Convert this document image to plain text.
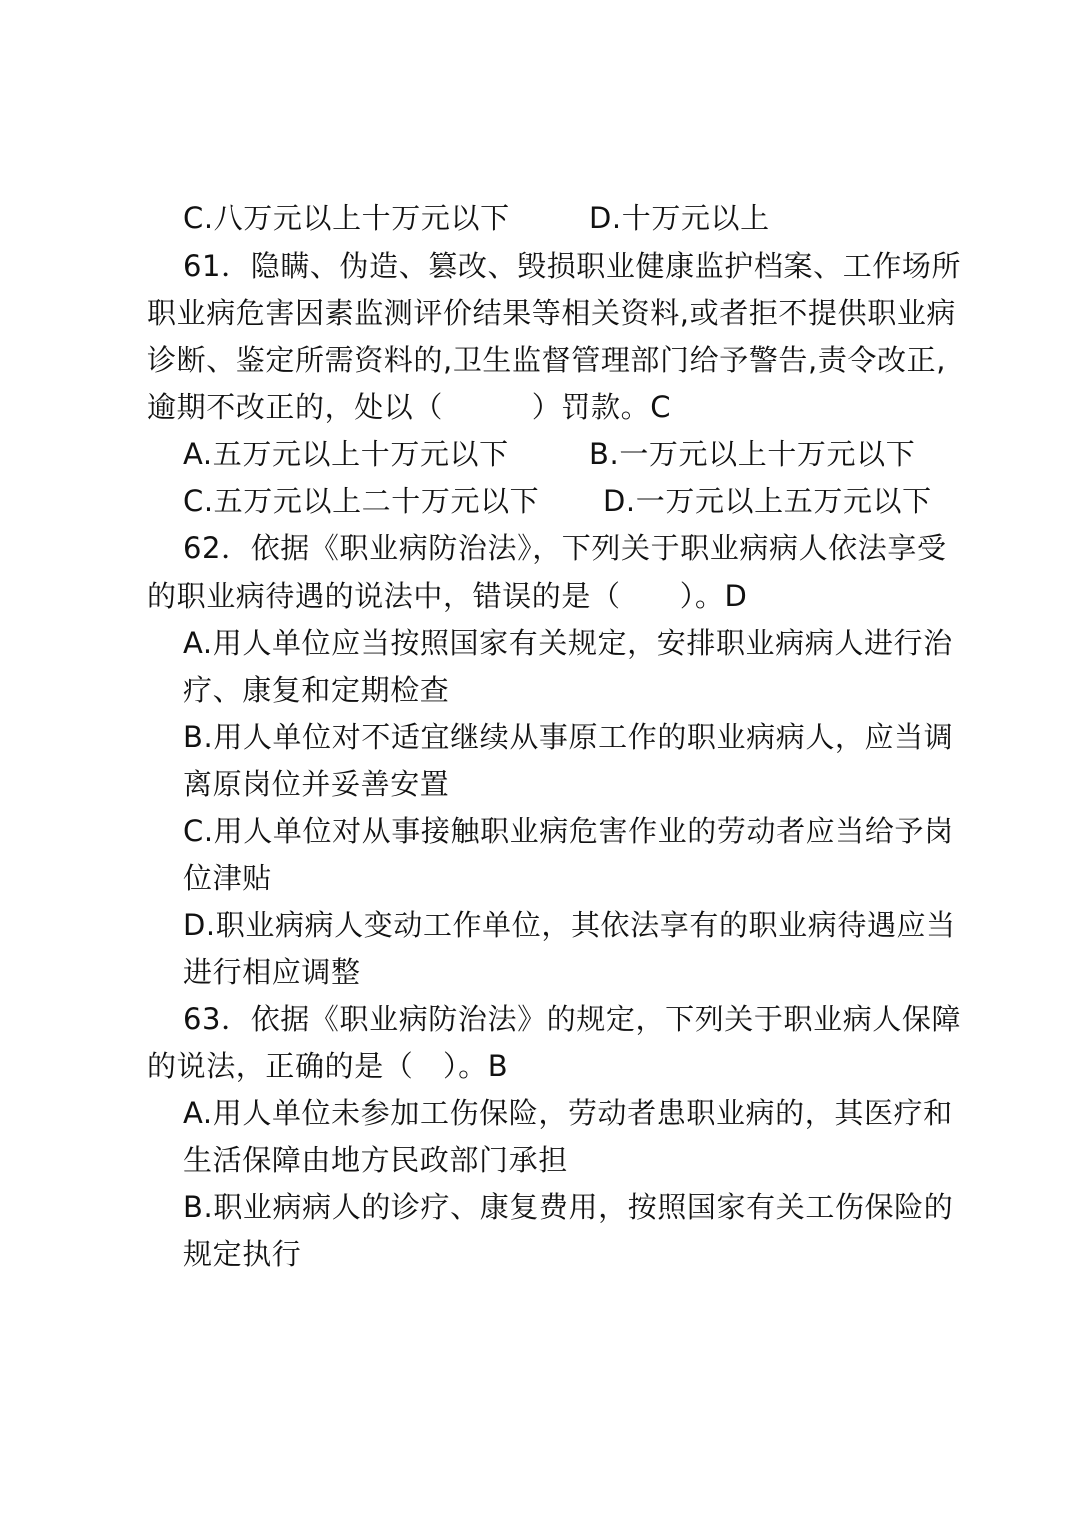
C.八万元以上十万元以下	D.十万元以上
61．隐瞒、伪造、篡改、毁损职业健康监护档案、工作场所
职业病危害因素监测评价结果等相关资料,或者拒不提供职业病
诊断、鉴定所需资料的,卫生监督管理部门给予警告,责令改正,
逾期不改正的，处以（　　　）罚款。C
A.五万元以上十万元以下	B.一万元以上十万元以下
C.五万元以上二十万元以下 D.一万元以上五万元以下
62．依据《职业病防治法》，下列关于职业病病人依法享受
的职业病待遇的说法中，错误的是（　　）。D
A.用人单位应当按照国家有关规定，安排职业病病人进行治
疗、康复和定期检查
B.用人单位对不适宜继续从事原工作的职业病病人，应当调
离原岗位并妥善安置
C.用人单位对从事接触职业病危害作业的劳动者应当给予岗
位津贴
D.职业病病人变动工作单位，其依法享有的职业病待遇应当
进行相应调整
63．依据《职业病防治法》的规定，下列关于职业病人保障
的说法，正确的是（　）。B
A.用人单位未参加工伤保险，劳动者患职业病的，其医疗和
生活保障由地方民政部门承担
B.职业病病人的诊疗、康复费用，按照国家有关工伤保险的
规定执行
